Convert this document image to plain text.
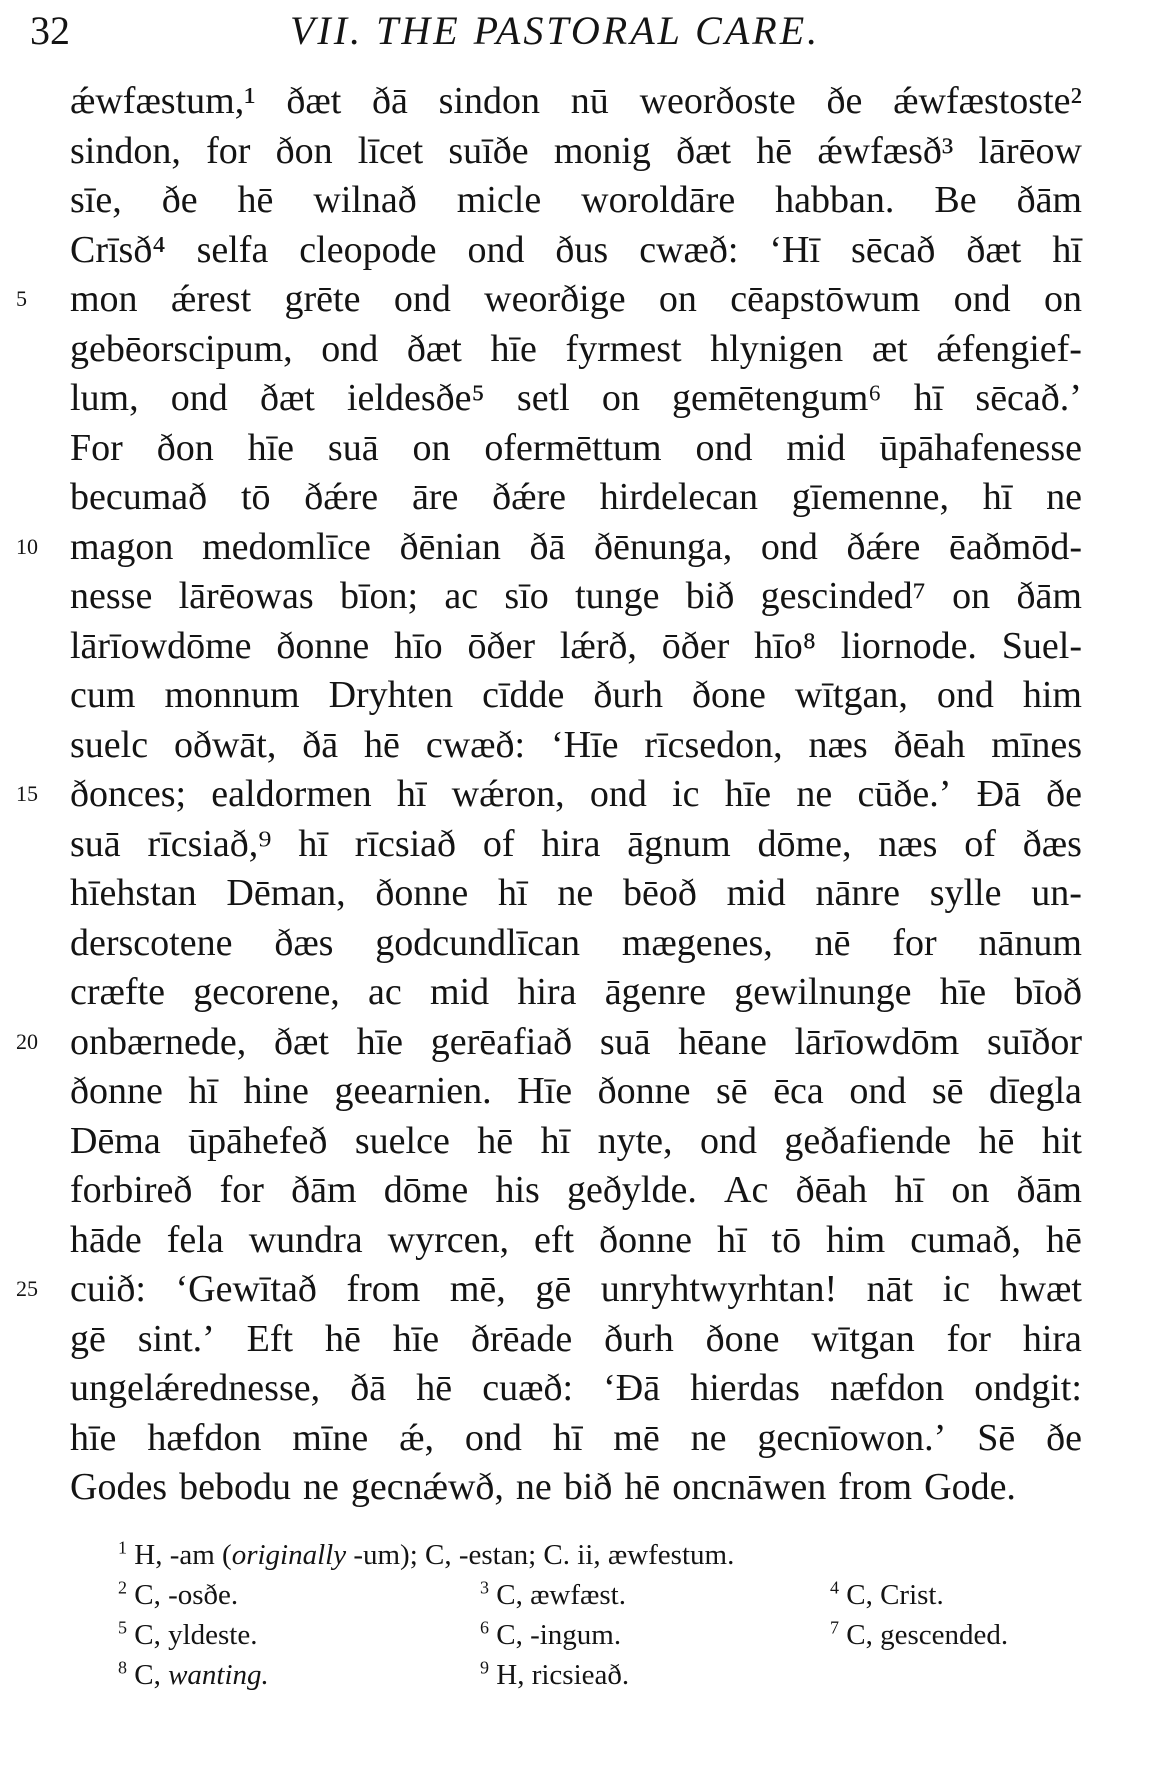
32	VII. THE PASTORAL CARE.
ǽwfæstum,¹ ðæt ðā sindon nū weorðoste ðe ǽwfæstoste²
sindon, for ðon līcet suīðe monig ðæt hē ǽwfæsð³ lārēow
sīe, ðe hē wilnað micle woroldāre habban. Be ðām
Crīsð⁴ selfa cleopode ond ðus cwæð: ‘Hī sēcað ðæt hī
5	mon ǽrest grēte ond weorðige on cēapstōwum ond on
gebēorscipum, ond ðæt hīe fyrmest hlynigen æt ǽfengief-
lum, ond ðæt ieldesðe⁵ setl on gemētengum⁶ hī sēcað.’
For ðon hīe suā on ofermēttum ond mid ūpāhafenesse
becumað tō ðǽre āre ðǽre hirdelecan gīemenne, hī ne
10 magon medomlīce ðēnian ðā ðēnunga, ond ðǽre ēaðmōd-
nesse lārēowas bīon; ac sīo tunge bið gescinded⁷ on ðām
lārīowdōme ðonne hīo ōðer lǽrð, ōðer hīo⁸ liornode. Suel-
cum monnum Dryhten cīdde ðurh ðone wītgan, ond him
suelc oðwāt, ðā hē cwæð: ‘Hīe rīcsedon, næs ðēah mīnes
15 ðonces; ealdormen hī wǽron, ond ic hīe ne cūðe.’ Đā ðe
suā rīcsiað,⁹ hī rīcsiað of hira āgnum dōme, næs of ðæs
hīehstan Dēman, ðonne hī ne bēoð mid nānre sylle un-
derscotene ðæs godcundlīcan mægenes, nē for nānum
cræfte gecorene, ac mid hira āgenre gewilnunge hīe bīoð
20 onbærnede, ðæt hīe gerēafiað suā hēane lārīowdōm suīðor
ðonne hī hine geearnien. Hīe ðonne sē ēca ond sē dīegla
Dēma ūpāhefeð suelce hē hī nyte, ond geðafiende hē hit
forbireð for ðām dōme his geðylde. Ac ðēah hī on ðām
hāde fela wundra wyrcen, eft ðonne hī tō him cumað, hē
25 cuið: ‘Gewītað from mē, gē unryhtwyrhtan! nāt ic hwæt
gē sint.’ Eft hē hīe ðrēade ðurh ðone wītgan for hira
ungelǽrednesse, ðā hē cuæð: ‘Đā hierdas næfdon ondgit:
hīe hæfdon mīne ǽ, ond hī mē ne gecnīowon.’ Sē ðe
Godes bebodu ne gecnǽwð, ne bið hē oncnāwen from Gode.
$^1$ H, -am (originally -um); C, -estan; C. ii, æwfestum.
$^2$ C, -osðe.	$^3$ C, æwfæst.	$^4$ C, Crist.
$^5$ C, yldeste.	$^6$ C, -ingum.	$^7$ C, gescended.
$^8$ C, wanting.	$^9$ H, ricsieað.
